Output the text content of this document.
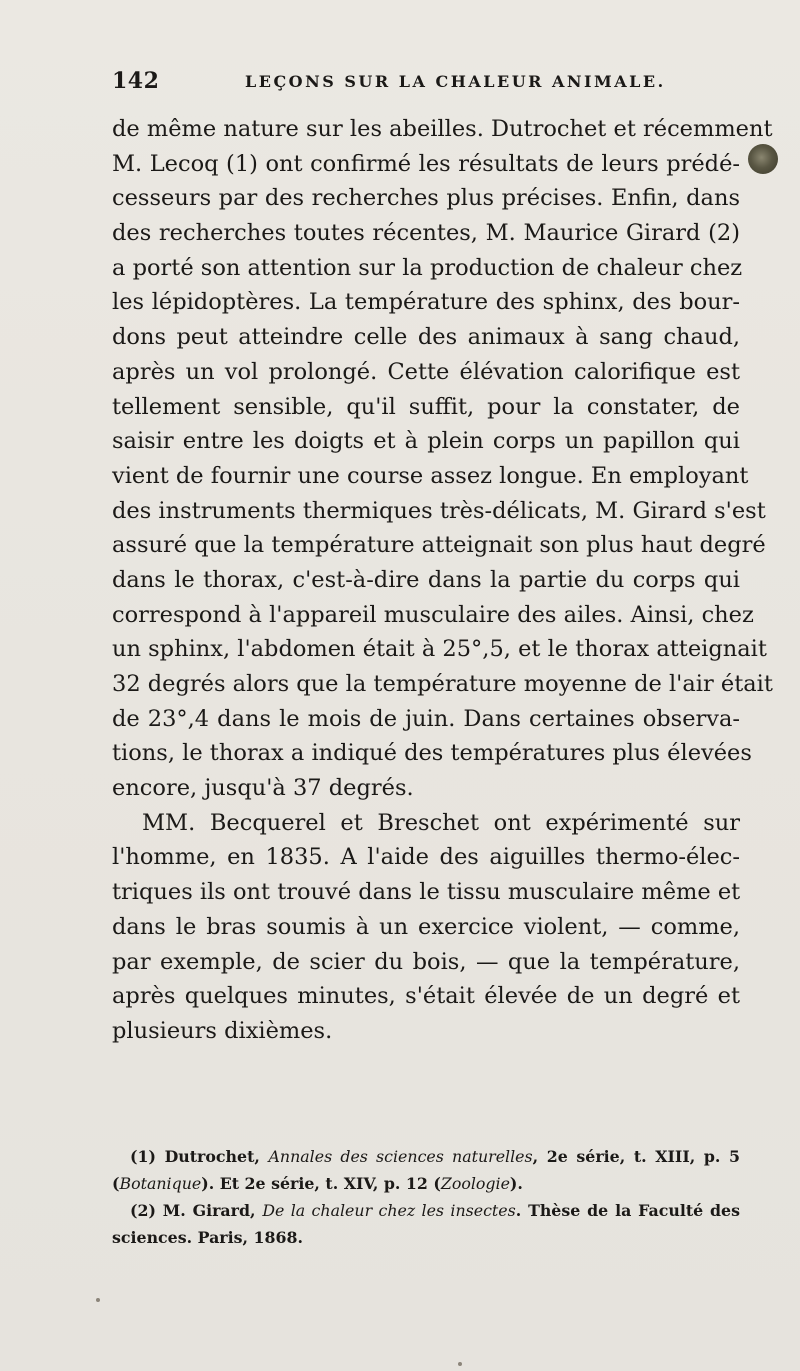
142	LEÇONS SUR LA CHALEUR ANIMALE.
de même nature sur les abeilles. Dutrochet et récemment
M. Lecoq (1) ont confirmé les résultats de leurs prédé-
cesseurs par des recherches plus précises. Enfin, dans
des recherches toutes récentes, M. Maurice Girard (2)
a porté son attention sur la production de chaleur chez
les lépidoptères. La température des sphinx, des bour-
dons peut atteindre celle des animaux à sang chaud,
après un vol prolongé. Cette élévation calorifique est
tellement sensible, qu'il suffit, pour la constater, de
saisir entre les doigts et à plein corps un papillon qui
vient de fournir une course assez longue. En employant
des instruments thermiques très-délicats, M. Girard s'est
assuré que la température atteignait son plus haut degré
dans le thorax, c'est-à-dire dans la partie du corps qui
correspond à l'appareil musculaire des ailes. Ainsi, chez
un sphinx, l'abdomen était à 25°,5, et le thorax atteignait
32 degrés alors que la température moyenne de l'air était
de 23°,4 dans le mois de juin. Dans certaines observa-
tions, le thorax a indiqué des températures plus élevées
encore, jusqu'à 37 degrés.
MM. Becquerel et Breschet ont expérimenté sur
l'homme, en 1835. A l'aide des aiguilles thermo-élec-
triques ils ont trouvé dans le tissu musculaire même et
dans le bras soumis à un exercice violent, — comme,
par exemple, de scier du bois, — que la température,
après quelques minutes, s'était élevée de un degré et
plusieurs dixièmes.
(1) Dutrochet, Annales des sciences naturelles, 2e série, t. XIII, p. 5
(Botanique). Et 2e série, t. XIV, p. 12 (Zoologie).
(2) M. Girard, De la chaleur chez les insectes. Thèse de la Faculté des
sciences. Paris, 1868.
